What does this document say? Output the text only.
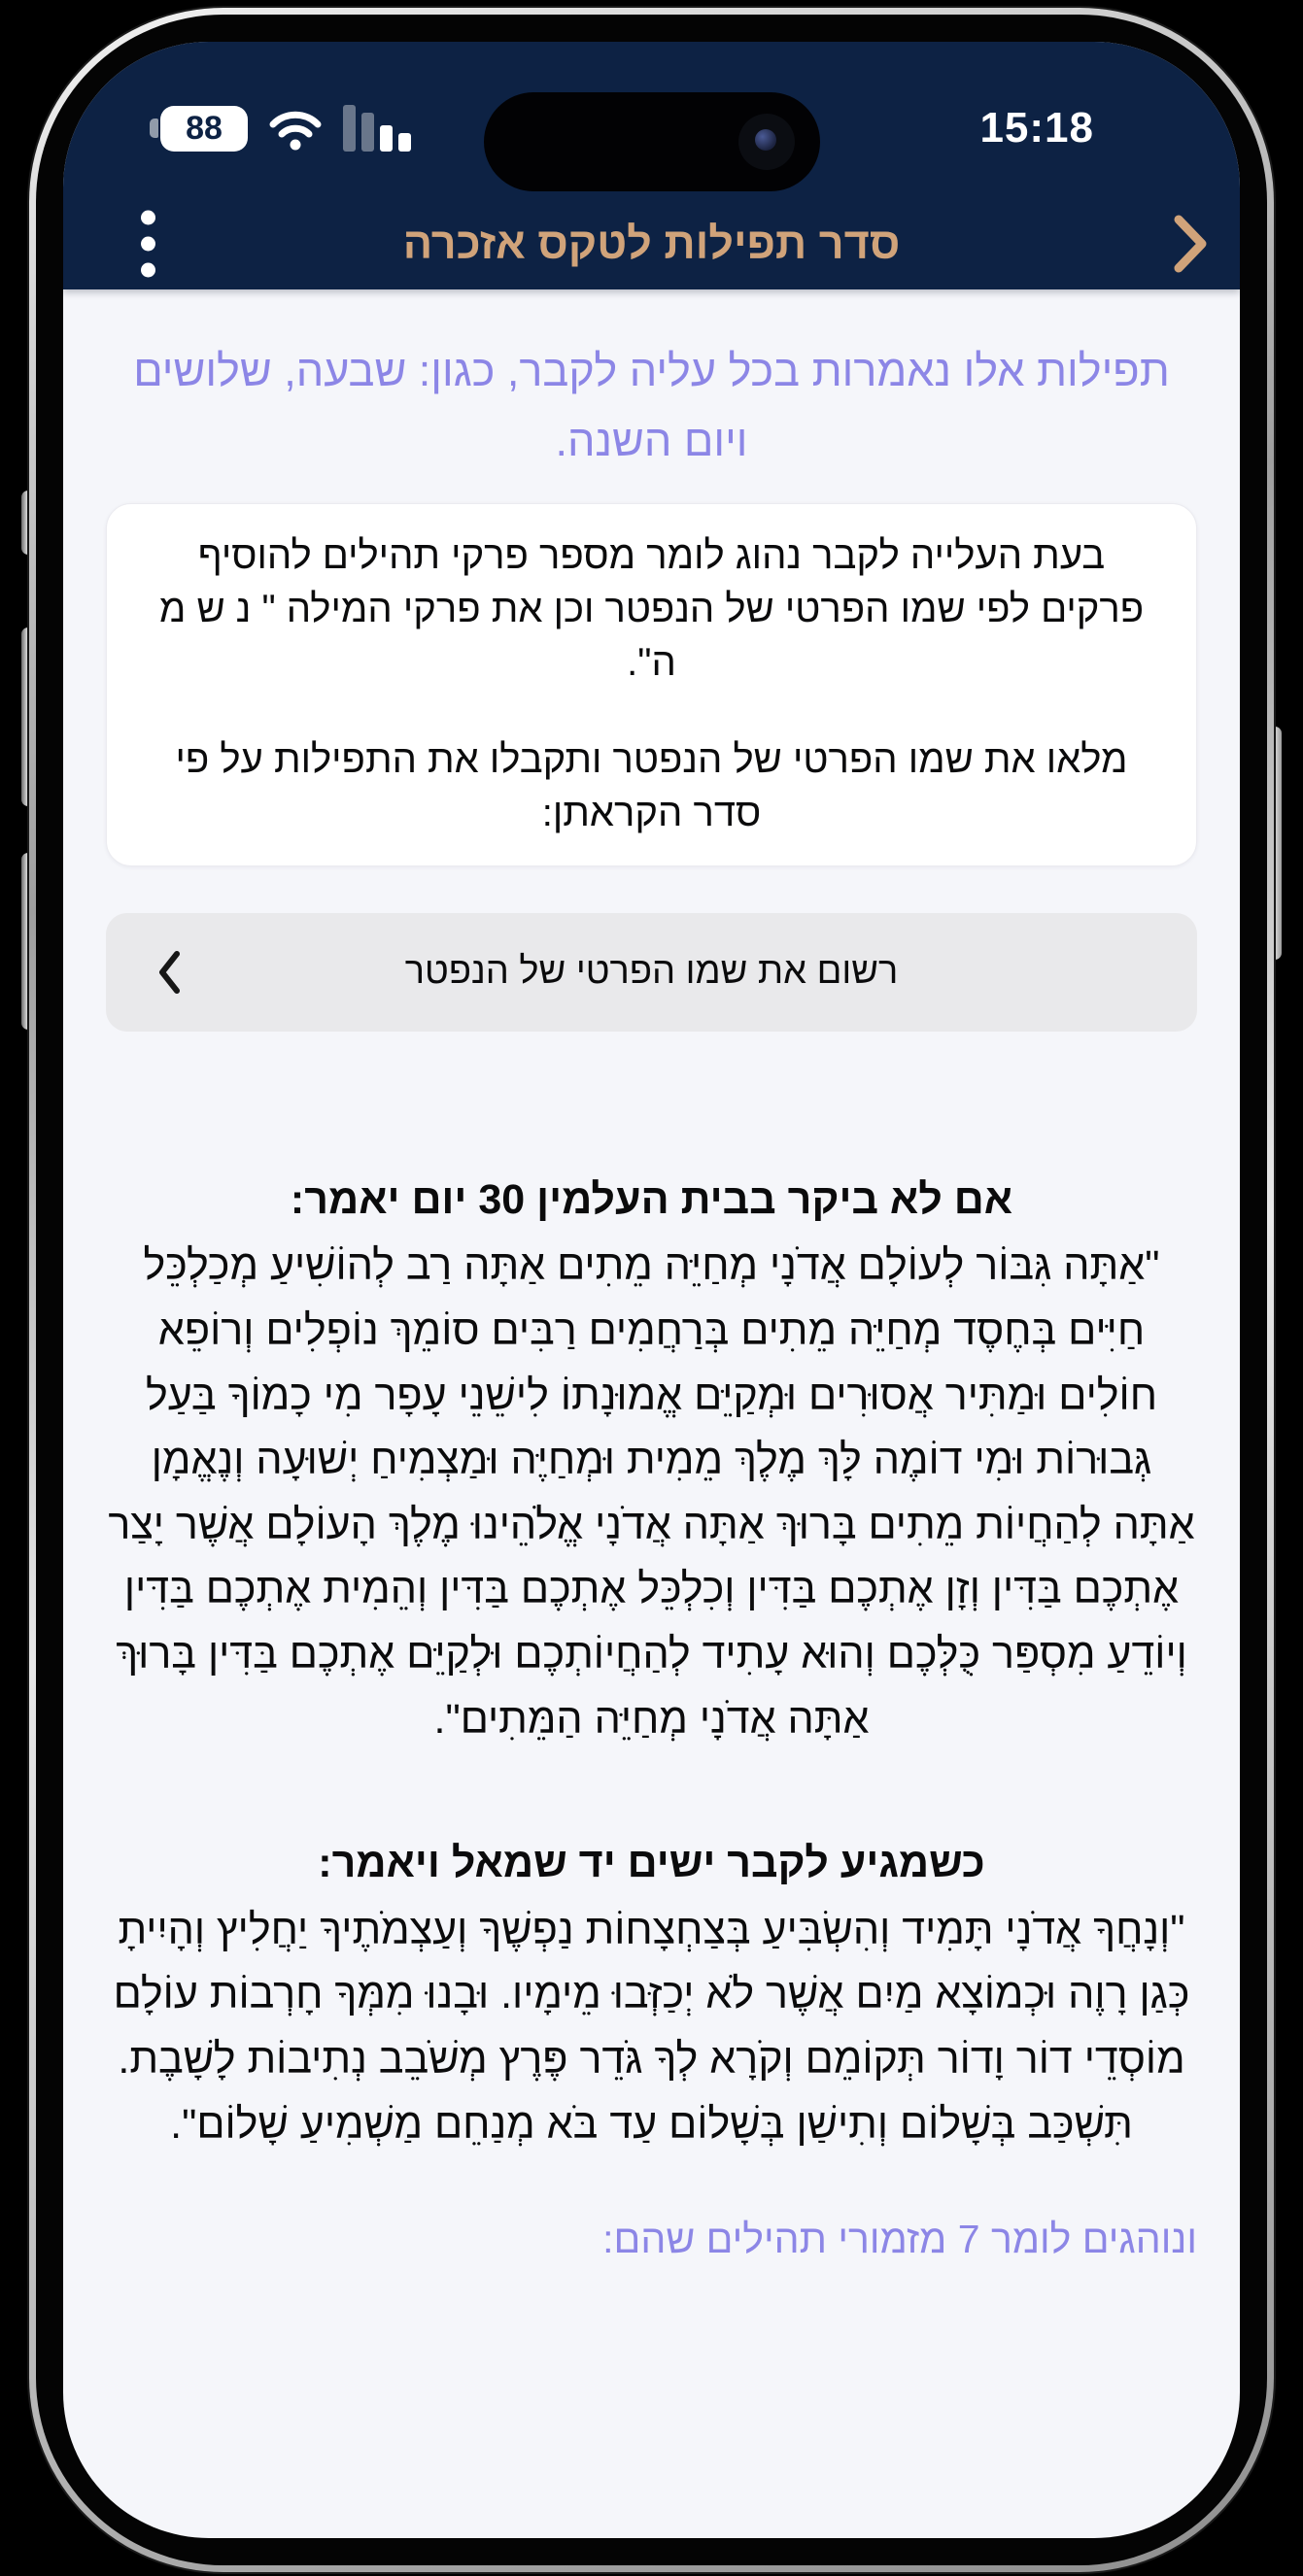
88	15:18
סדר תפילות לטקס אזכרה

תפילות אלו נאמרות בכל עליה לקבר, כגון: שבעה, שלושים ויום השנה.

בעת העלייה לקבר נהוג לומר מספר פרקי תהילים להוסיף פרקים לפי שמו הפרטי של הנפטר וכן את פרקי המילה " נ ש מ ה".

מלאו את שמו הפרטי של הנפטר ותקבלו את התפילות על פי סדר הקראתן:

רשום את שמו הפרטי של הנפטר
אם לא ביקר בבית העלמין 30 יום יאמר:

"אַתָּה גִּבּוֹר לְעוֹלָם אֲדֹנָי מְחַיֵּה מֵתִים אַתָּה רַב לְהוֹשִׁיעַ מְכַלְכֵּל חַיִּים בְּחֶסֶד מְחַיֵּה מֵתִים בְּרַחֲמִים רַבִּים סוֹמֵךְ נוֹפְלִים וְרוֹפֵא חוֹלִים וּמַתִּיר אֲסוּרִים וּמְקַיֵּם אֱמוּנָתוֹ לִישֵׁנֵי עָפָר מִי כָמוֹךָ בַּעַל גְּבוּרוֹת וּמִי דוֹמֶה לָּךְ מֶלֶךְ מֵמִית וּמְחַיֶּה וּמַצְמִיחַ יְשׁוּעָה וְנֶאֱמָן אַתָּה לְהַחֲיוֹת מֵתִים בָּרוּךְ אַתָּה אֲדֹנָי אֱלֹהֵינוּ מֶלֶךְ הָעוֹלָם אֲשֶׁר יָצַר אֶתְכֶם בַּדִּין וְזָן אֶתְכֶם בַּדִּין וְכִלְכֵּל אֶתְכֶם בַּדִּין וְהֵמִית אֶתְכֶם בַּדִּין וְיוֹדֵעַ מִסְפַּר כֻּלְּכֶם וְהוּא עָתִיד לְהַחֲיוֹתְכֶם וּלְקַיֵּם אֶתְכֶם בַּדִּין בָּרוּךְ אַתָּה אֲדֹנָי מְחַיֵּה הַמֵּתִים".

כשמגיע לקבר ישים יד שמאל ויאמר:

"וְנָחֲךָ אֲדֹנָי תָּמִיד וְהִשְׂבִּיעַ בְּצַחְצָחוֹת נַפְשֶׁךָ וְעַצְמֹתֶיךָ יַחֲלִיץ וְהָיִיתָ כְּגַן רָוֶה וּכְמוֹצָא מַיִם אֲשֶׁר לֹא יְכַזְּבוּ מֵימָיו. וּבָנוּ מִמְּךָ חָרְבוֹת עוֹלָם מוֹסְדֵי דוֹר וָדוֹר תְּקוֹמֵם וְקֹרָא לְךָ גֹּדֵר פֶּרֶץ מְשֹׁבֵב נְתִיבוֹת לָשָׁבֶת. תִּשְׁכַּב בְּשָׁלוֹם וְתִישַׁן בְּשָׁלוֹם עַד בֹּא מְנַחֵם מַשְׁמִיעַ שָׁלוֹם".

ונוהגים לומר 7 מזמורי תהילים שהם:
